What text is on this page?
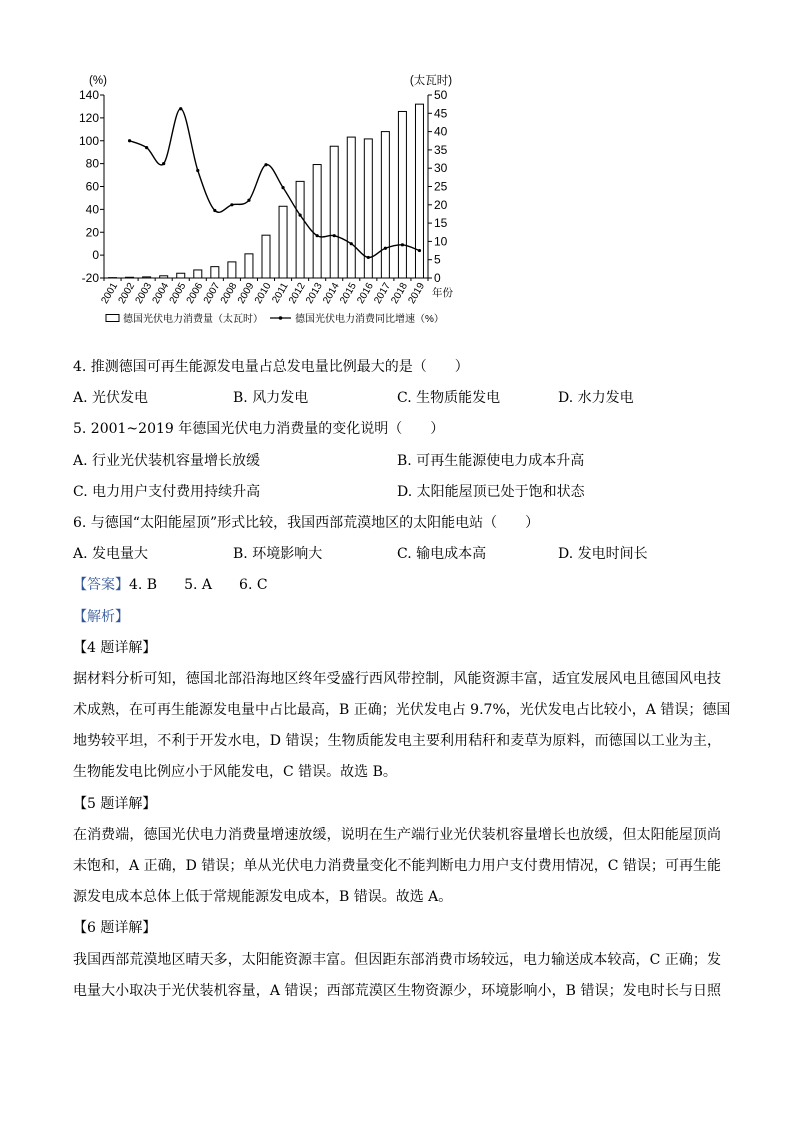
(%)	(太瓦时)
-20
0
20
40
60
80
100
120
140
0
5
10
15
20
25
30
35
40
45
50
2001
2002
2003
2004
2005
2006
2007
2008
2009
2010
2011
2012
2013
2014
2015
2016
2017
2018
2019 年份
德国光伏电力消费量（太瓦时）	德国光伏电力消费同比增速（%）
4. 推测德国可再生能源发电量占总发电量比例最大的是（　　）
A. 光伏发电	B. 风力发电	C. 生物质能发电	D. 水力发电
5. 2001~2019 年德国光伏电力消费量的变化说明（　　）
A. 行业光伏装机容量增长放缓	B. 可再生能源使电力成本升高
C. 电力用户支付费用持续升高	D. 太阳能屋顶已处于饱和状态
6. 与德国“太阳能屋顶”形式比较，我国西部荒漠地区的太阳能电站（　　）
A. 发电量大	B. 环境影响大	C. 输电成本高	D. 发电时间长
【答案】4. B 5. A 6. C
【解析】
【4 题详解】
据材料分析可知，德国北部沿海地区终年受盛行西风带控制，风能资源丰富，适宜发展风电且德国风电技
术成熟，在可再生能源发电量中占比最高，B 正确；光伏发电占 9.7%，光伏发电占比较小，A 错误；德国
地势较平坦，不利于开发水电，D 错误；生物质能发电主要利用秸秆和麦草为原料，而德国以工业为主，
生物能发电比例应小于风能发电，C 错误。故选 B。
【5 题详解】
在消费端，德国光伏电力消费量增速放缓，说明在生产端行业光伏装机容量增长也放缓，但太阳能屋顶尚
未饱和，A 正确，D 错误；单从光伏电力消费量变化不能判断电力用户支付费用情况，C 错误；可再生能
源发电成本总体上低于常规能源发电成本，B 错误。故选 A。
【6 题详解】
我国西部荒漠地区晴天多，太阳能资源丰富。但因距东部消费市场较远，电力输送成本较高，C 正确；发
电量大小取决于光伏装机容量，A 错误；西部荒漠区生物资源少，环境影响小，B 错误；发电时长与日照
